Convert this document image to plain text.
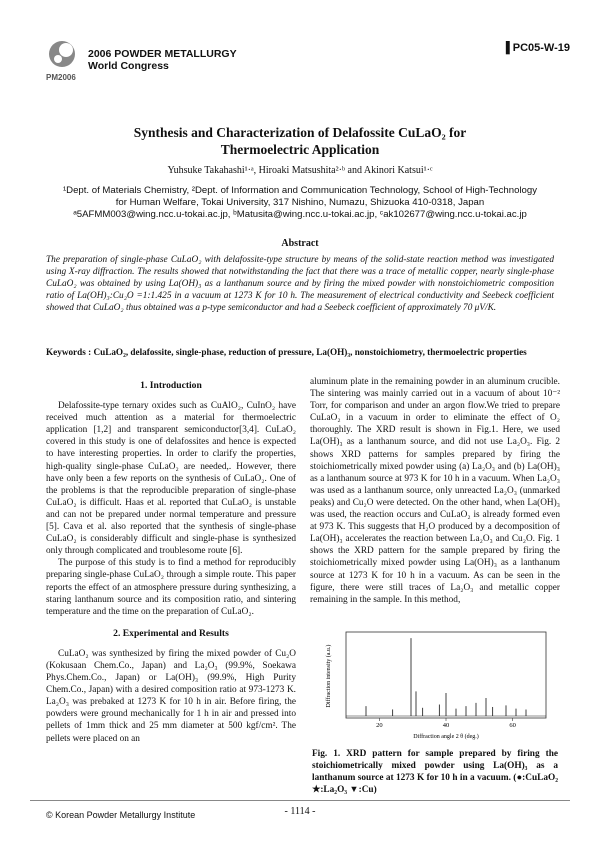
PM2006
2006 POWDER METALLURGY
World Congress
▐ PC05-W-19
Synthesis and Characterization of Delafossite CuLaO₂ for
Thermoelectric Application
Yuhsuke Takahashi¹·ᵃ, Hiroaki Matsushita²·ᵇ and Akinori Katsui¹·ᶜ
¹Dept. of Materials Chemistry, ²Dept. of Information and Communication Technology, School of High-Technology
for Human Welfare, Tokai University, 317 Nishino, Numazu, Shizuoka 410-0318, Japan
ᵃ5AFMM003@wing.ncc.u-tokai.ac.jp, ᵇMatusita@wing.ncc.u-tokai.ac.jp, ᶜak102677@wing.ncc.u-tokai.ac.jp
Abstract
The preparation of single-phase CuLaO₂ with delafossite-type structure by means of the solid-state reaction method was investigated using X-ray diffraction. The results showed that notwithstanding the fact that there was a trace of metallic copper, nearly single-phase CuLaO₂ was obtained by using La(OH)₃ as a lanthanum source and by firing the mixed powder with nonstoichiometric composition ratio of La(OH)₃:Cu₂O =1:1.425 in a vacuum at 1273 K for 10 h. The measurement of electrical conductivity and Seebeck coefficient showed that CuLaO₂ thus obtained was a p-type semiconductor and had a Seebeck coefficient of approximately 70 μV/K.
Keywords : CuLaO₂, delafossite, single-phase, reduction of pressure, La(OH)₃, nonstoichiometry, thermoelectric properties
1. Introduction

Delafossite-type ternary oxides such as CuAlO₂, CuInO₂ have received much attention as a material for thermoelectric application [1,2] and transparent semiconductor[3,4]. CuLaO₂ covered in this study is one of delafossites and hence is expected to have interesting properties. In order to clarify the properties, high-quality single-phase CuLaO₂ are needed,. However, there have only been a few reports on the synthesis of CuLaO₂. One of the problems is that the reproducible preparation of single-phase CuLaO₂ is difficult. Haas et al. reported that CuLaO₂ is unstable and can not be prepared under normal temperature and pressure [5]. Cava et al. also reported that the synthesis of single-phase CuLaO₂ is considerably difficult and single-phase is synthesized only through complicated and troublesome route [6].

The purpose of this study is to find a method for reproducibly preparing single-phase CuLaO₂ through a simple route. This paper reports the effect of an atmosphere pressure during synthesizing, a staring lanthanum source and its composition ratio, and sintering temperature and the time on the preparation of CuLaO₂.

2. Experimental and Results

CuLaO₂ was synthesized by firing the mixed powder of Cu₂O (Kokusaan Chem.Co., Japan) and La₂O₃ (99.9%, Soekawa Phys.Chem.Co., Japan) or La(OH)₃ (99.9%, High Purity Chem.Co., Japan) with a desired composition ratio at 973-1273 K. La₂O₃ was prebaked at 1273 K for 10 h in air. Before firing, the powders were ground mechanically for 1 h in air and pressed into pellets of 1mm thick and 25 mm diameter at 500 kgf/cm². The pellets were placed on an

aluminum plate in the remaining powder in an aluminum crucible. The sintering was mainly carried out in a vacuum of about 10⁻² Torr, for comparison and under an argon flow.We tried to prepare CuLaO₂ in a vacuum in order to eliminate the effect of O₂ thoroughly. The XRD result is shown in Fig.1. Here, we used La(OH)₃ as a lanthanum source, and did not use La₂O₃. Fig. 2 shows XRD patterns for samples prepared by firing the stoichiometrically mixed powder using (a) La₂O₃ and (b) La(OH)₃ as a lanthanum source at 973 K for 10 h in a vacuum. When La₂O₃ was used as a lanthanum source, only unreacted La₂O₃ (unmarked peaks) and Cu₂O were detected. On the other hand, when La(OH)₃ was used, the reaction occurs and CuLaO₂ is already formed even at 973 K. This suggests that H₂O produced by a decomposition of La(OH)₃ accelerates the reaction between La₂O₃ and Cu₂O. Fig. 1 shows the XRD pattern for the sample prepared by firing the stoichiometrically mixed powder using La(OH)₃ as a lanthanum source at 1273 K for 10 h in a vacuum. As can be seen in the figure, there were still traces of La₂O₃ and metallic copper remaining in the sample. In this method,

20	40	60
Diffraction intensity (a.u.)
Diffraction angle 2 θ (deg.)
Fig. 1. XRD pattern for sample prepared by firing the stoichiometrically mixed powder using La(OH)₃ as a lanthanum source at 1273 K for 10 h in a vacuum. (●:CuLaO₂ ★:La₂O₃ ▼:Cu)
© Korean Powder Metallurgy Institute	- 1114 -
